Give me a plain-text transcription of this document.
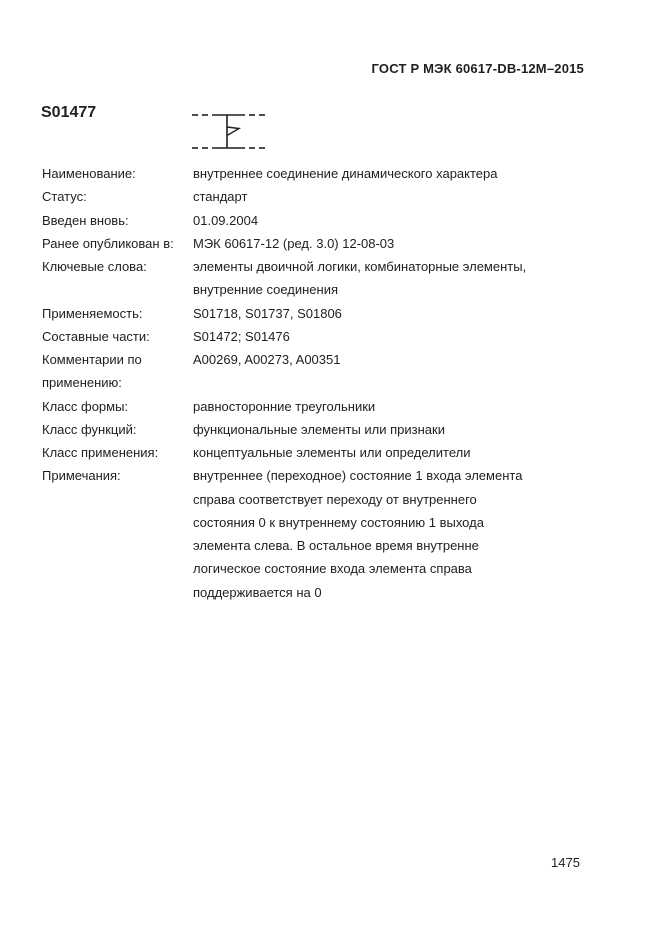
ГОСТ Р МЭК 60617-DB-12M–2015
S01477
Наименование:	внутреннее соединение динамического характера
Статус:	стандарт
Введен вновь:	01.09.2004
Ранее опубликован в:	МЭК 60617-12 (ред. 3.0) 12-08-03
Ключевые слова:	элементы двоичной логики, комбинаторные элементы,
внутренние соединения
Применяемость:	S01718, S01737, S01806
Составные части:	S01472; S01476
Комментарии по	A00269, A00273, A00351
применению:
Класс формы:	равносторонние треугольники
Класс функций:	функциональные элементы или признаки
Класс применения:	концептуальные элементы или определители
Примечания:	внутреннее (переходное) состояние 1 входа элемента
справа соответствует переходу от внутреннего
состояния 0 к внутреннему состоянию 1 выхода
элемента слева. В остальное время внутренне
логическое состояние входа элемента справа
поддерживается на 0
1475
